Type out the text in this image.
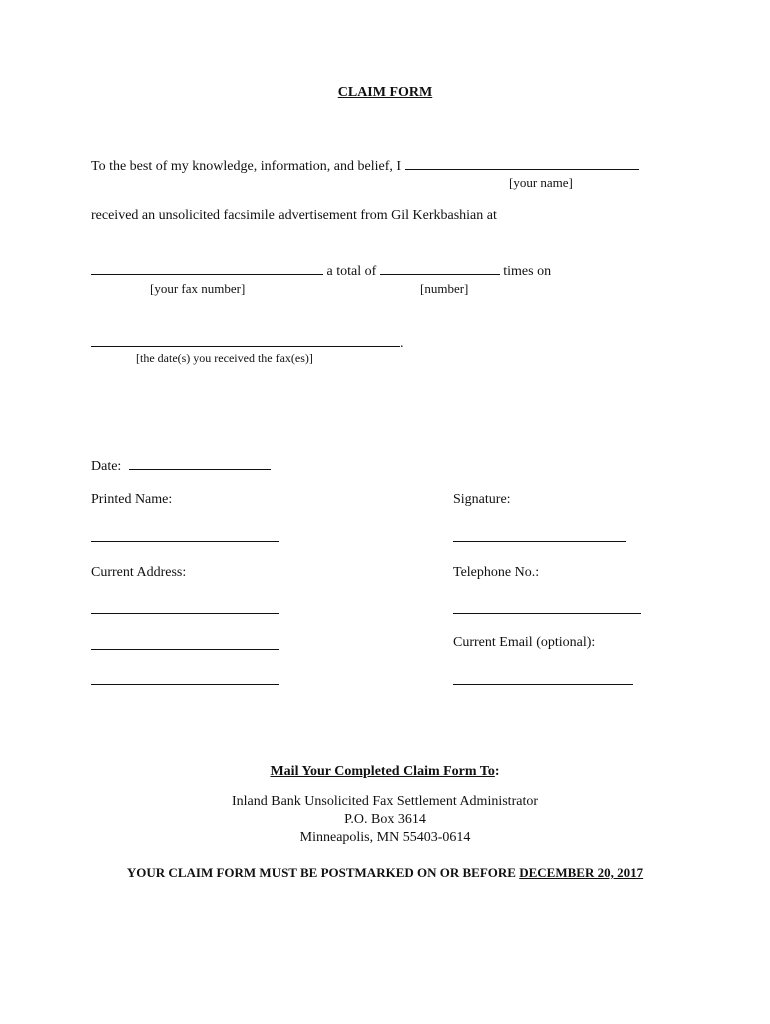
CLAIM FORM
To the best of my knowledge, information, and belief, I
[your name]
received an unsolicited facsimile advertisement from Gil Kerkbashian at
a total of	times on
[your fax number]	[number]
.
[the date(s) you received the fax(es)]
Date:
Printed Name:	Signature:
Current Address:	Telephone No.:
Current Email (optional):
Mail Your Completed Claim Form To:
Inland Bank Unsolicited Fax Settlement Administrator
P.O. Box 3614
Minneapolis, MN 55403-0614
YOUR CLAIM FORM MUST BE POSTMARKED ON OR BEFORE DECEMBER 20, 2017
